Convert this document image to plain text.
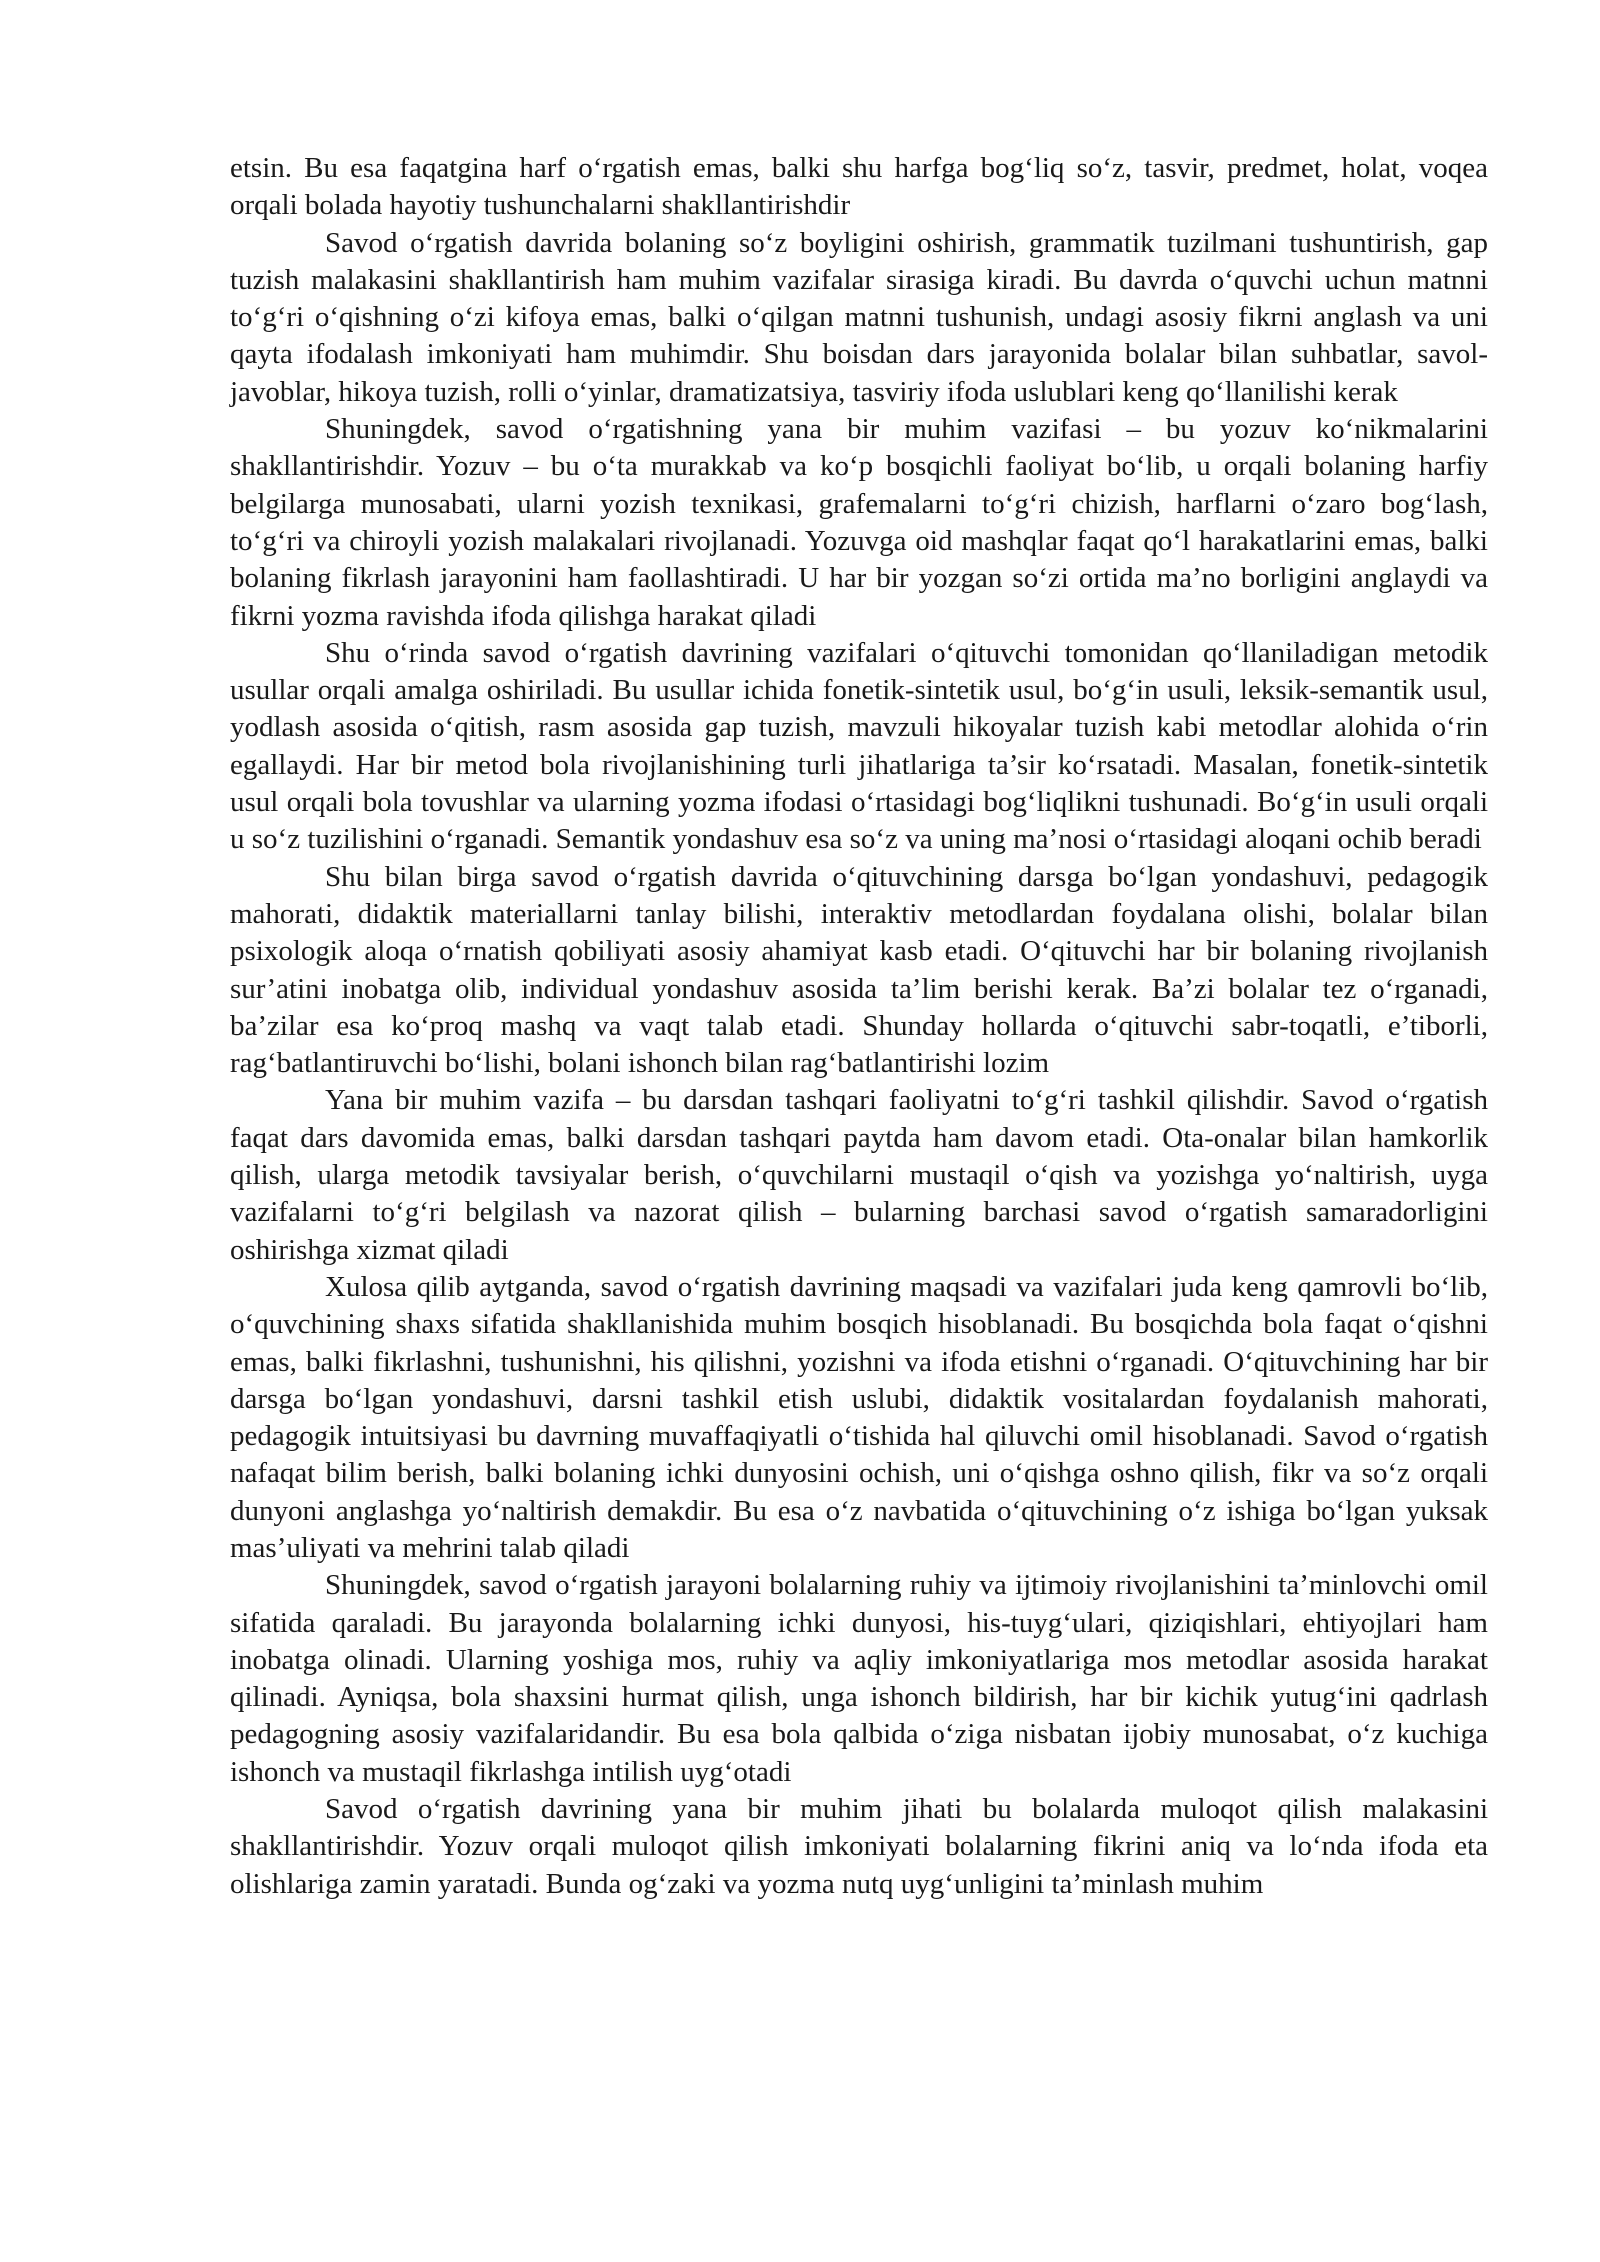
etsin. Bu esa faqatgina harf o‘rgatish emas, balki shu harfga bog‘liq so‘z, tasvir, predmet, holat, voqea orqali bolada hayotiy tushunchalarni shakllantirishdir

Savod o‘rgatish davrida bolaning so‘z boyligini oshirish, grammatik tuzilmani tushuntirish, gap tuzish malakasini shakllantirish ham muhim vazifalar sirasiga kiradi. Bu davrda o‘quvchi uchun matnni to‘g‘ri o‘qishning o‘zi kifoya emas, balki o‘qilgan matnni tushunish, undagi asosiy fikrni anglash va uni qayta ifodalash imkoniyati ham muhimdir. Shu boisdan dars jarayonida bolalar bilan suhbatlar, savol-javoblar, hikoya tuzish, rolli o‘yinlar, dramatizatsiya, tasviriy ifoda uslublari keng qo‘llanilishi kerak

Shuningdek, savod o‘rgatishning yana bir muhim vazifasi – bu yozuv ko‘nikmalarini shakllantirishdir. Yozuv – bu o‘ta murakkab va ko‘p bosqichli faoliyat bo‘lib, u orqali bolaning harfiy belgilarga munosabati, ularni yozish texnikasi, grafemalarni to‘g‘ri chizish, harflarni o‘zaro bog‘lash, to‘g‘ri va chiroyli yozish malakalari rivojlanadi. Yozuvga oid mashqlar faqat qo‘l harakatlarini emas, balki bolaning fikrlash jarayonini ham faollashtiradi. U har bir yozgan so‘zi ortida ma’no borligini anglaydi va fikrni yozma ravishda ifoda qilishga harakat qiladi

Shu o‘rinda savod o‘rgatish davrining vazifalari o‘qituvchi tomonidan qo‘llaniladigan metodik usullar orqali amalga oshiriladi. Bu usullar ichida fonetik-sintetik usul, bo‘g‘in usuli, leksik-semantik usul, yodlash asosida o‘qitish, rasm asosida gap tuzish, mavzuli hikoyalar tuzish kabi metodlar alohida o‘rin egallaydi. Har bir metod bola rivojlanishining turli jihatlariga ta’sir ko‘rsatadi. Masalan, fonetik-sintetik usul orqali bola tovushlar va ularning yozma ifodasi o‘rtasidagi bog‘liqlikni tushunadi. Bo‘g‘in usuli orqali u so‘z tuzilishini o‘rganadi. Semantik yondashuv esa so‘z va uning ma’nosi o‘rtasidagi aloqani ochib beradi

Shu bilan birga savod o‘rgatish davrida o‘qituvchining darsga bo‘lgan yondashuvi, pedagogik mahorati, didaktik materiallarni tanlay bilishi, interaktiv metodlardan foydalana olishi, bolalar bilan psixologik aloqa o‘rnatish qobiliyati asosiy ahamiyat kasb etadi. O‘qituvchi har bir bolaning rivojlanish sur’atini inobatga olib, individual yondashuv asosida ta’lim berishi kerak. Ba’zi bolalar tez o‘rganadi, ba’zilar esa ko‘proq mashq va vaqt talab etadi. Shunday hollarda o‘qituvchi sabr-toqatli, e’tiborli, rag‘batlantiruvchi bo‘lishi, bolani ishonch bilan rag‘batlantirishi lozim

Yana bir muhim vazifa – bu darsdan tashqari faoliyatni to‘g‘ri tashkil qilishdir. Savod o‘rgatish faqat dars davomida emas, balki darsdan tashqari paytda ham davom etadi. Ota-onalar bilan hamkorlik qilish, ularga metodik tavsiyalar berish, o‘quvchilarni mustaqil o‘qish va yozishga yo‘naltirish, uyga vazifalarni to‘g‘ri belgilash va nazorat qilish – bularning barchasi savod o‘rgatish samaradorligini oshirishga xizmat qiladi

Xulosa qilib aytganda, savod o‘rgatish davrining maqsadi va vazifalari juda keng qamrovli bo‘lib, o‘quvchining shaxs sifatida shakllanishida muhim bosqich hisoblanadi. Bu bosqichda bola faqat o‘qishni emas, balki fikrlashni, tushunishni, his qilishni, yozishni va ifoda etishni o‘rganadi. O‘qituvchining har bir darsga bo‘lgan yondashuvi, darsni tashkil etish uslubi, didaktik vositalardan foydalanish mahorati, pedagogik intuitsiyasi bu davrning muvaffaqiyatli o‘tishida hal qiluvchi omil hisoblanadi. Savod o‘rgatish nafaqat bilim berish, balki bolaning ichki dunyosini ochish, uni o‘qishga oshno qilish, fikr va so‘z orqali dunyoni anglashga yo‘naltirish demakdir. Bu esa o‘z navbatida o‘qituvchining o‘z ishiga bo‘lgan yuksak mas’uliyati va mehrini talab qiladi

Shuningdek, savod o‘rgatish jarayoni bolalarning ruhiy va ijtimoiy rivojlanishini ta’minlovchi omil sifatida qaraladi. Bu jarayonda bolalarning ichki dunyosi, his-tuyg‘ulari, qiziqishlari, ehtiyojlari ham inobatga olinadi. Ularning yoshiga mos, ruhiy va aqliy imkoniyatlariga mos metodlar asosida harakat qilinadi. Ayniqsa, bola shaxsini hurmat qilish, unga ishonch bildirish, har bir kichik yutug‘ini qadrlash pedagogning asosiy vazifalaridandir. Bu esa bola qalbida o‘ziga nisbatan ijobiy munosabat, o‘z kuchiga ishonch va mustaqil fikrlashga intilish uyg‘otadi

Savod o‘rgatish davrining yana bir muhim jihati bu bolalarda muloqot qilish malakasini shakllantirishdir. Yozuv orqali muloqot qilish imkoniyati bolalarning fikrini aniq va lo‘nda ifoda eta olishlariga zamin yaratadi. Bunda og‘zaki va yozma nutq uyg‘unligini ta’minlash muhim
